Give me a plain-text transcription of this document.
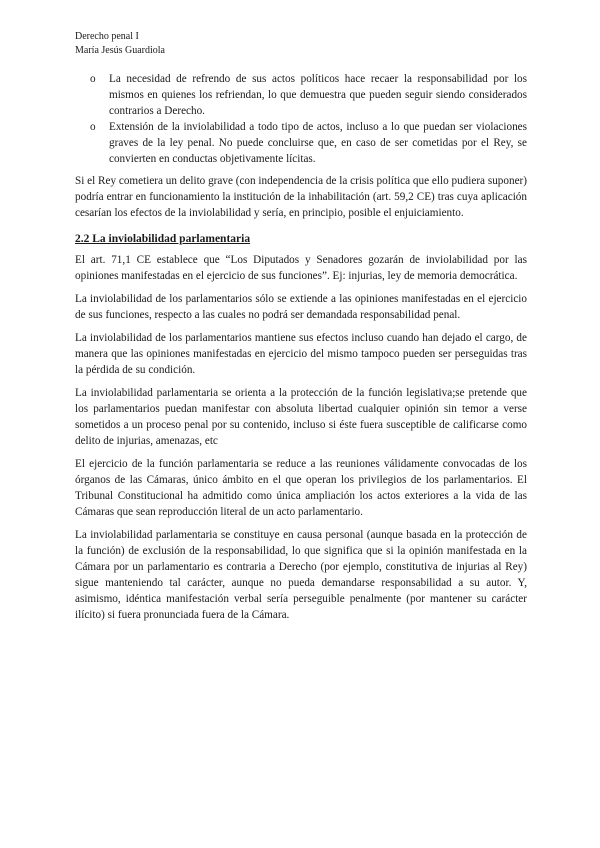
Derecho penal I
María Jesús Guardiola
o La necesidad de refrendo de sus actos políticos hace recaer la responsabilidad por los mismos en quienes los refriendan, lo que demuestra que pueden seguir siendo considerados contrarios a Derecho.
o Extensión de la inviolabilidad a todo tipo de actos, incluso a lo que puedan ser violaciones graves de la ley penal. No puede concluirse que, en caso de ser cometidas por el Rey, se convierten en conductas objetivamente lícitas.

Si el Rey cometiera un delito grave (con independencia de la crisis política que ello pudiera suponer) podría entrar en funcionamiento la institución de la inhabilitación (art. 59,2 CE) tras cuya aplicación cesarían los efectos de la inviolabilidad y sería, en principio, posible el enjuiciamiento.

2.2 La inviolabilidad parlamentaria

El art. 71,1 CE establece que “Los Diputados y Senadores gozarán de inviolabilidad por las opiniones manifestadas en el ejercicio de sus funciones”. Ej: injurias, ley de memoria democrática.

La inviolabilidad de los parlamentarios sólo se extiende a las opiniones manifestadas en el ejercicio de sus funciones, respecto a las cuales no podrá ser demandada responsabilidad penal.

La inviolabilidad de los parlamentarios mantiene sus efectos incluso cuando han dejado el cargo, de manera que las opiniones manifestadas en ejercicio del mismo tampoco pueden ser perseguidas tras la pérdida de su condición.

La inviolabilidad parlamentaria se orienta a la protección de la función legislativa;se pretende que los parlamentarios puedan manifestar con absoluta libertad cualquier opinión sin temor a verse sometidos a un proceso penal por su contenido, incluso si éste fuera susceptible de calificarse como delito de injurias, amenazas, etc

El ejercicio de la función parlamentaria se reduce a las reuniones válidamente convocadas de los órganos de las Cámaras, único ámbito en el que operan los privilegios de los parlamentarios. El Tribunal Constitucional ha admitido como única ampliación los actos exteriores a la vida de las Cámaras que sean reproducción literal de un acto parlamentario.

La inviolabilidad parlamentaria se constituye en causa personal (aunque basada en la protección de la función) de exclusión de la responsabilidad, lo que significa que si la opinión manifestada en la Cámara por un parlamentario es contraria a Derecho (por ejemplo, constitutiva de injurias al Rey) sigue manteniendo tal carácter, aunque no pueda demandarse responsabilidad a su autor. Y, asimismo, idéntica manifestación verbal sería perseguible penalmente (por mantener su carácter ilícito) si fuera pronunciada fuera de la Cámara.
